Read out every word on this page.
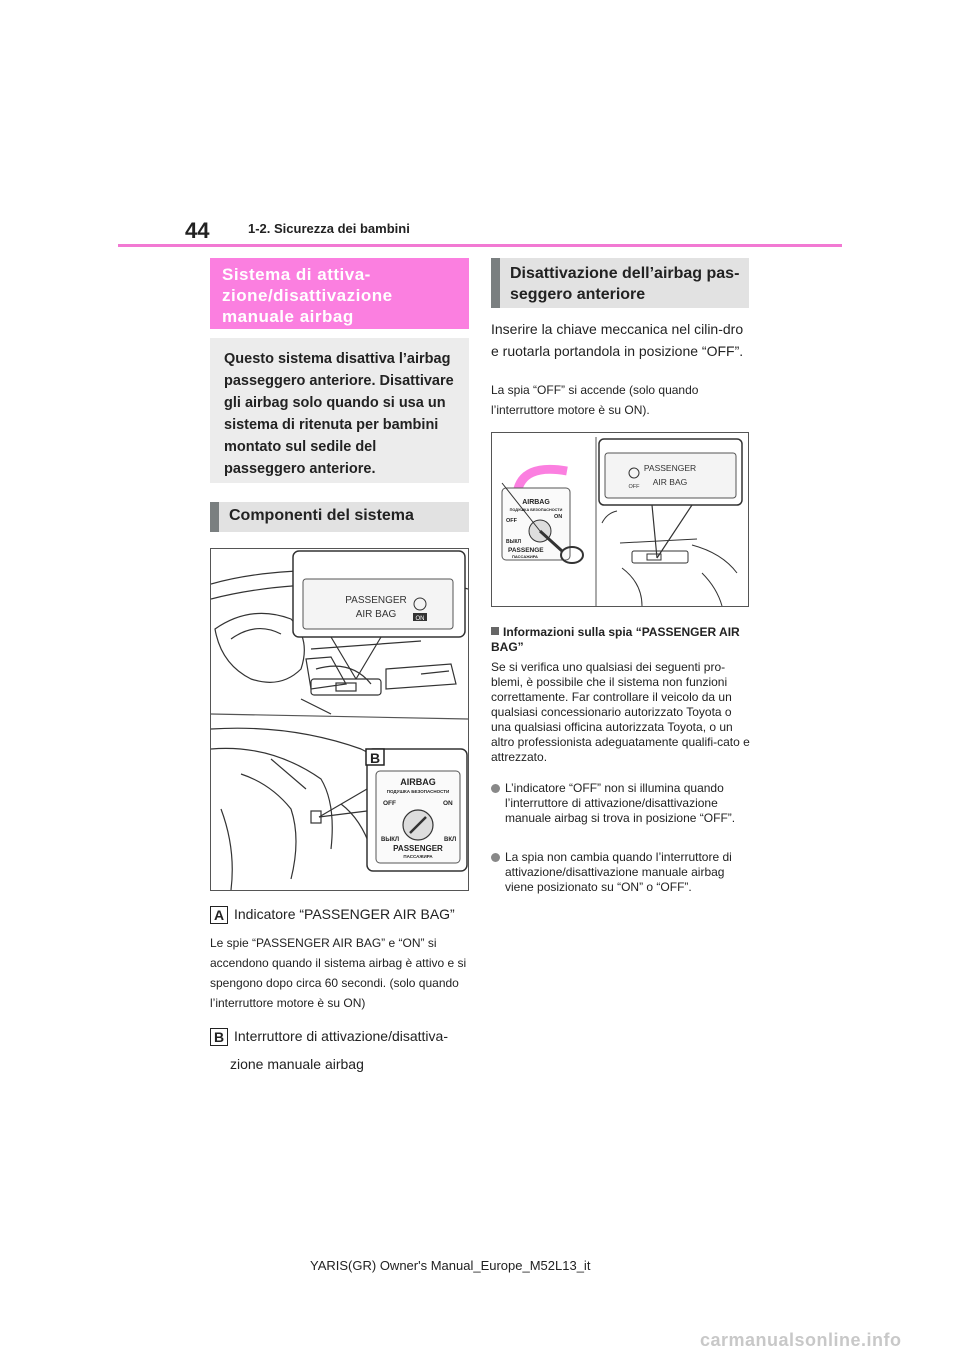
44	1-2. Sicurezza dei bambini
Sistema di attiva-
zione/disattivazione
manuale airbag
Questo sistema disattiva l’airbag passeggero anteriore. Disattivare gli airbag solo quando si usa un sistema di ritenuta per bambini montato sul sedile del passeggero anteriore.
Componenti del sistema
PASSENGER
AIR BAG	ON
B
AIRBAG
ПОДУШКА БЕЗОПАСНОСТИ
OFF	ON
ВЫКЛ	ВКЛ
PASSENGER
ПАССАЖИРА
A Indicatore “PASSENGER AIR BAG”
Le spie “PASSENGER AIR BAG” e “ON” si accendono quando il sistema airbag è attivo e si spengono dopo circa 60 secondi. (solo quando l’interruttore motore è su ON)
B Interruttore di attivazione/disattiva-
zione manuale airbag
Disattivazione dell’airbag pas-
seggero anteriore
Inserire la chiave meccanica nel cilin-dro e ruotarla portandola in posizione “OFF”.
La spia “OFF” si accende (solo quando l’interruttore motore è su ON).
AIRBAG
ПОДУШКА БЕЗОПАСНОСТИ
OFF
ON
ВЫКЛ
PASSENGE
ПАССАЖИРА
PASSENGER
AIR BAG
OFF
Informazioni sulla spia “PASSENGER AIR BAG”
Se si verifica uno qualsiasi dei seguenti pro-blemi, è possibile che il sistema non funzioni correttamente. Far controllare il veicolo da un qualsiasi concessionario autorizzato Toyota o una qualsiasi officina autorizzata Toyota, o un altro professionista adeguatamente qualifi-cato e attrezzato.
L’indicatore “OFF” non si illumina quando l’interruttore di attivazione/disattivazione manuale airbag si trova in posizione “OFF”.
La spia non cambia quando l’interruttore di attivazione/disattivazione manuale airbag viene posizionato su “ON” o “OFF”.
YARIS(GR) Owner's Manual_Europe_M52L13_it
carmanualsonline.info
